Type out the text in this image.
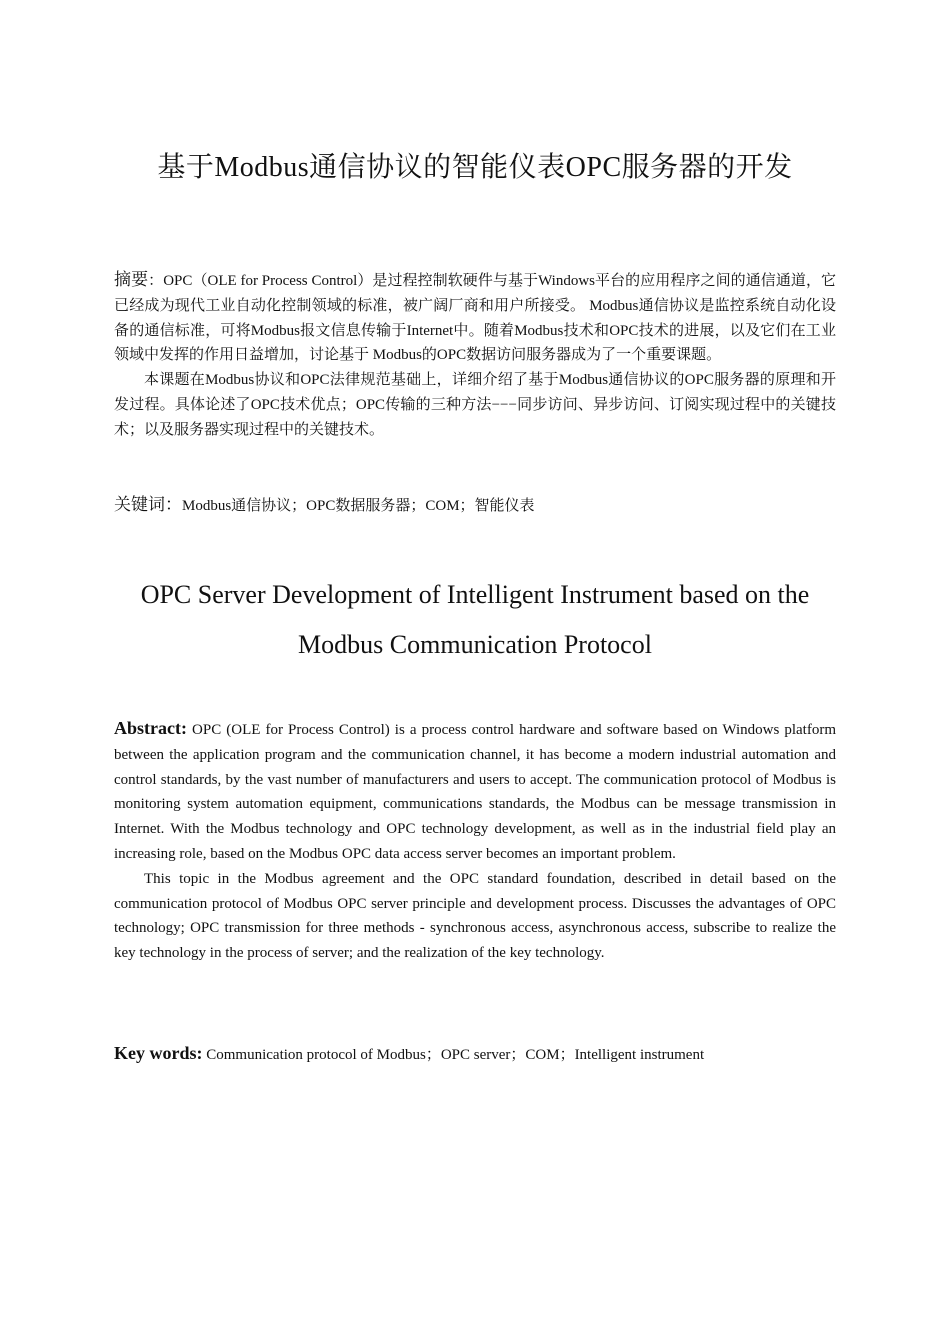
基于Modbus通信协议的智能仪表OPC服务器的开发

摘要：OPC（OLE for Process Control）是过程控制软硬件与基于Windows平台的应用程序之间的通信通道，它已经成为现代工业自动化控制领域的标准，被广阔厂商和用户所接受。 Modbus通信协议是监控系统自动化设备的通信标准，可将Modbus报文信息传输于Internet中。随着Modbus技术和OPC技术的进展，以及它们在工业领域中发挥的作用日益增加，讨论基于 Modbus的OPC数据访问服务器成为了一个重要课题。

本课题在Modbus协议和OPC法律规范基础上，详细介绍了基于Modbus通信协议的OPC服务器的原理和开发过程。具体论述了OPC技术优点；OPC传输的三种方法−−−同步访问、异步访问、订阅实现过程中的关键技术；以及服务器实现过程中的关键技术。

关键词：Modbus通信协议；OPC数据服务器；COM；智能仪表
OPC Server Development of Intelligent Instrument based on the
Modbus Communication Protocol

Abstract: OPC (OLE for Process Control) is a process control hardware and software based on Windows platform between the application program and the communication channel, it has become a modern industrial automation and control standards, by the vast number of manufacturers and users to accept. The communication protocol of Modbus is monitoring system automation equipment, communications standards, the Modbus can be message transmission in Internet. With the Modbus technology and OPC technology development, as well as in the industrial field play an increasing role, based on the Modbus OPC data access server becomes an important problem.

This topic in the Modbus agreement and the OPC standard foundation, described in detail based on the communication protocol of Modbus OPC server principle and development process. Discusses the advantages of OPC technology; OPC transmission for three methods - synchronous access, asynchronous access, subscribe to realize the key technology in the process of server; and the realization of the key technology.

Key words: Communication protocol of Modbus；OPC server；COM；Intelligent instrument
